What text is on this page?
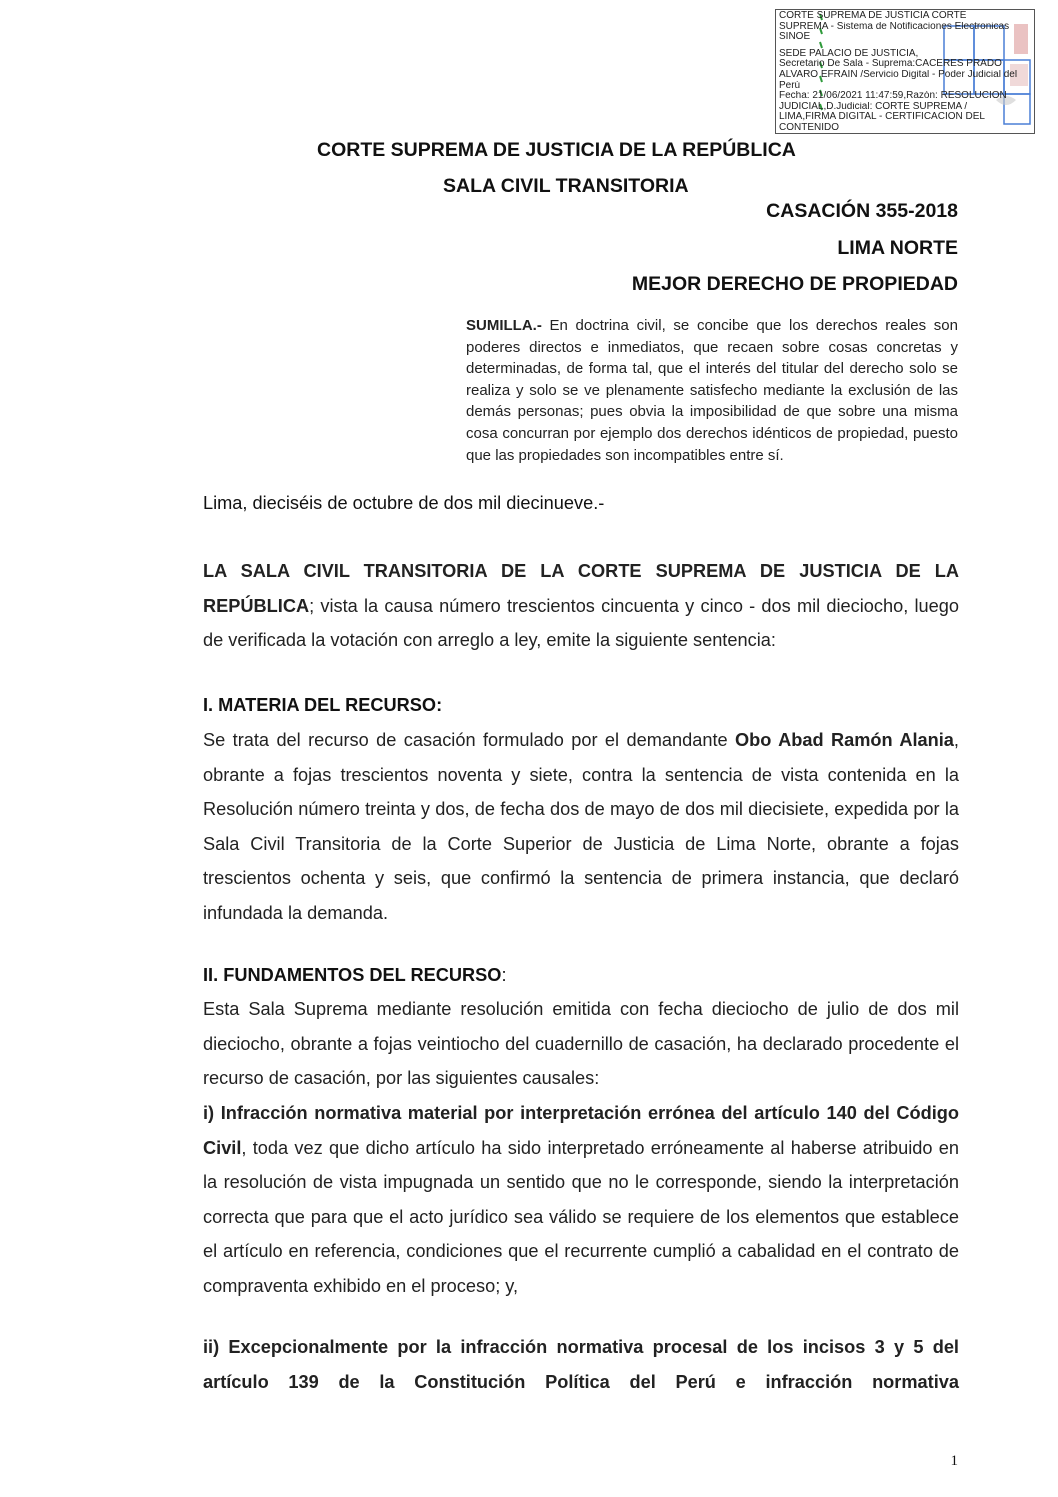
CORTE SUPREMA DE JUSTICIA CORTE
SUPREMA - Sistema de Notificaciones Electronicas
SINOE
SEDE PALACIO DE JUSTICIA,
Secretario De Sala - Suprema:CACERES PRADO
ALVARO EFRAIN /Servicio Digital - Poder Judicial del
Perú
Fecha: 21/06/2021 11:47:59,Razón: RESOLUCIÓN
JUDICIAL,D.Judicial: CORTE SUPREMA /
LIMA,FIRMA DIGITAL - CERTIFICACIÓN DEL
CONTENIDO
CORTE SUPREMA DE JUSTICIA DE LA REPÚBLICA
SALA CIVIL TRANSITORIA
CASACIÓN 355-2018
LIMA NORTE
MEJOR DERECHO DE PROPIEDAD
SUMILLA.- En doctrina civil, se concibe que los derechos reales son poderes directos e inmediatos, que recaen sobre cosas concretas y determinadas, de forma tal, que el interés del titular del derecho solo se realiza y solo se ve plenamente satisfecho mediante la exclusión de las demás personas; pues obvia la imposibilidad de que sobre una misma cosa concurran por ejemplo dos derechos idénticos de propiedad, puesto que las propiedades son incompatibles entre sí.
Lima, dieciséis de octubre de dos mil diecinueve.-
LA SALA CIVIL TRANSITORIA DE LA CORTE SUPREMA DE JUSTICIA DE LA REPÚBLICA; vista la causa número trescientos cincuenta y cinco - dos mil dieciocho, luego de verificada la votación con arreglo a ley, emite la siguiente sentencia:
I. MATERIA DEL RECURSO:
Se trata del recurso de casación formulado por el demandante Obo Abad Ramón Alania, obrante a fojas trescientos noventa y siete, contra la sentencia de vista contenida en la Resolución número treinta y dos, de fecha dos de mayo de dos mil diecisiete, expedida por la Sala Civil Transitoria de la Corte Superior de Justicia de Lima Norte, obrante a fojas trescientos ochenta y seis, que confirmó la sentencia de primera instancia, que declaró infundada la demanda.
II. FUNDAMENTOS DEL RECURSO:
Esta Sala Suprema mediante resolución emitida con fecha dieciocho de julio de dos mil dieciocho, obrante a fojas veintiocho del cuadernillo de casación, ha declarado procedente el recurso de casación, por las siguientes causales:
i) Infracción normativa material por interpretación errónea del artículo 140 del Código Civil, toda vez que dicho artículo ha sido interpretado erróneamente al haberse atribuido en la resolución de vista impugnada un sentido que no le corresponde, siendo la interpretación correcta que para que el acto jurídico sea válido se requiere de los elementos que establece el artículo en referencia, condiciones que el recurrente cumplió a cabalidad en el contrato de compraventa exhibido en el proceso; y,
ii) Excepcionalmente por la infracción normativa procesal de los incisos 3 y 5 del artículo 139 de la Constitución Política del Perú e infracción normativa
1
